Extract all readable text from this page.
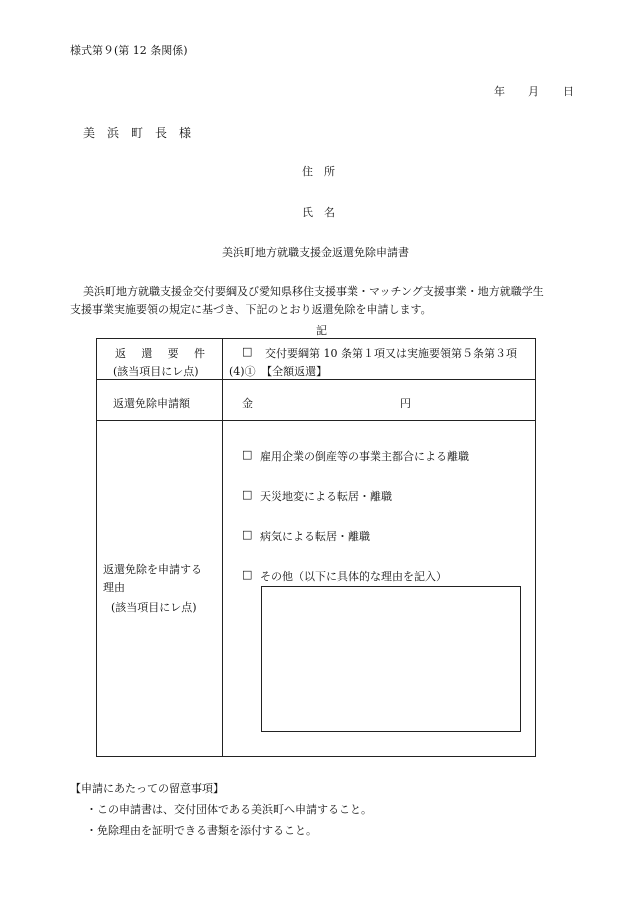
様式第９(第 12 条関係)
年 月 日
美　浜　町　長　様
住　所
氏　名
美浜町地方就職支援金返還免除申請書
美浜町地方就職支援金交付要綱及び愛知県移住支援事業・マッチング支援事業・地方就職学生
支援事業実施要領の規定に基づき、下記のとおり返還免除を申請します。
記
返　還　要　件
(該当項目にレ点)
□ 交付要綱第 10 条第１項又は実施要領第５条第３項
(4)①　【全額返還】
返還免除申請額	金	円
返還免除を申請する
理由
(該当項目にレ点)
□ 雇用企業の倒産等の事業主都合による離職
□ 天災地変による転居・離職
□ 病気による転居・離職
□ その他（以下に具体的な理由を記入）
【申請にあたっての留意事項】
・この申請書は、交付団体である美浜町へ申請すること。
・免除理由を証明できる書類を添付すること。
